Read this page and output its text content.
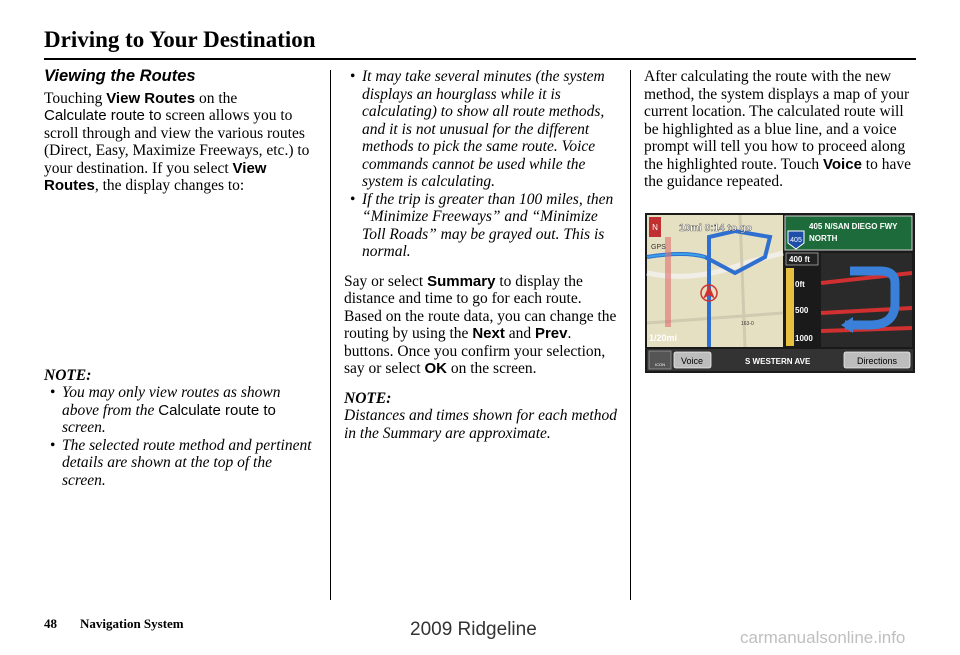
Driving to Your Destination
Viewing the Routes

Touching View Routes on the
Calculate route to screen allows you to scroll through and view the various routes (Direct, Easy, Maximize Freeways, etc.) to your destination. If you select View Routes, the display changes to:

NOTE:

• You may only view routes as shown above from the Calculate route to screen.
• The selected route method and pertinent details are shown at the top of the screen.
• It may take several minutes (the system displays an hourglass while it is calculating) to show all route methods, and it is not unusual for the different methods to pick the same route. Voice commands cannot be used while the system is calculating.
• If the trip is greater than 100 miles, then “Minimize Freeways” and “Minimize Toll Roads” may be grayed out. This is normal.

Say or select Summary to display the distance and time to go for each route. Based on the route data, you can change the routing by using the Next and Prev. buttons. Once you confirm your selection, say or select OK on the screen.

NOTE:

Distances and times shown for each method in the Summary are approximate.

After calculating the route with the new method, the system displays a map of your current location. The calculated route will be highlighted as a blue line, and a voice prompt will tell you how to proceed along the highlighted route. Touch Voice to have the guidance repeated.

N
GPS
163-0
1/20mi
10mi 0:14 to go
405
405 N/SAN DIEGO FWY
NORTH
400 ft
0ft
500
1000
ICON Voice	S WESTERN AVE	Directions
48 Navigation System	2009 Ridgeline	carmanualsonline.info
